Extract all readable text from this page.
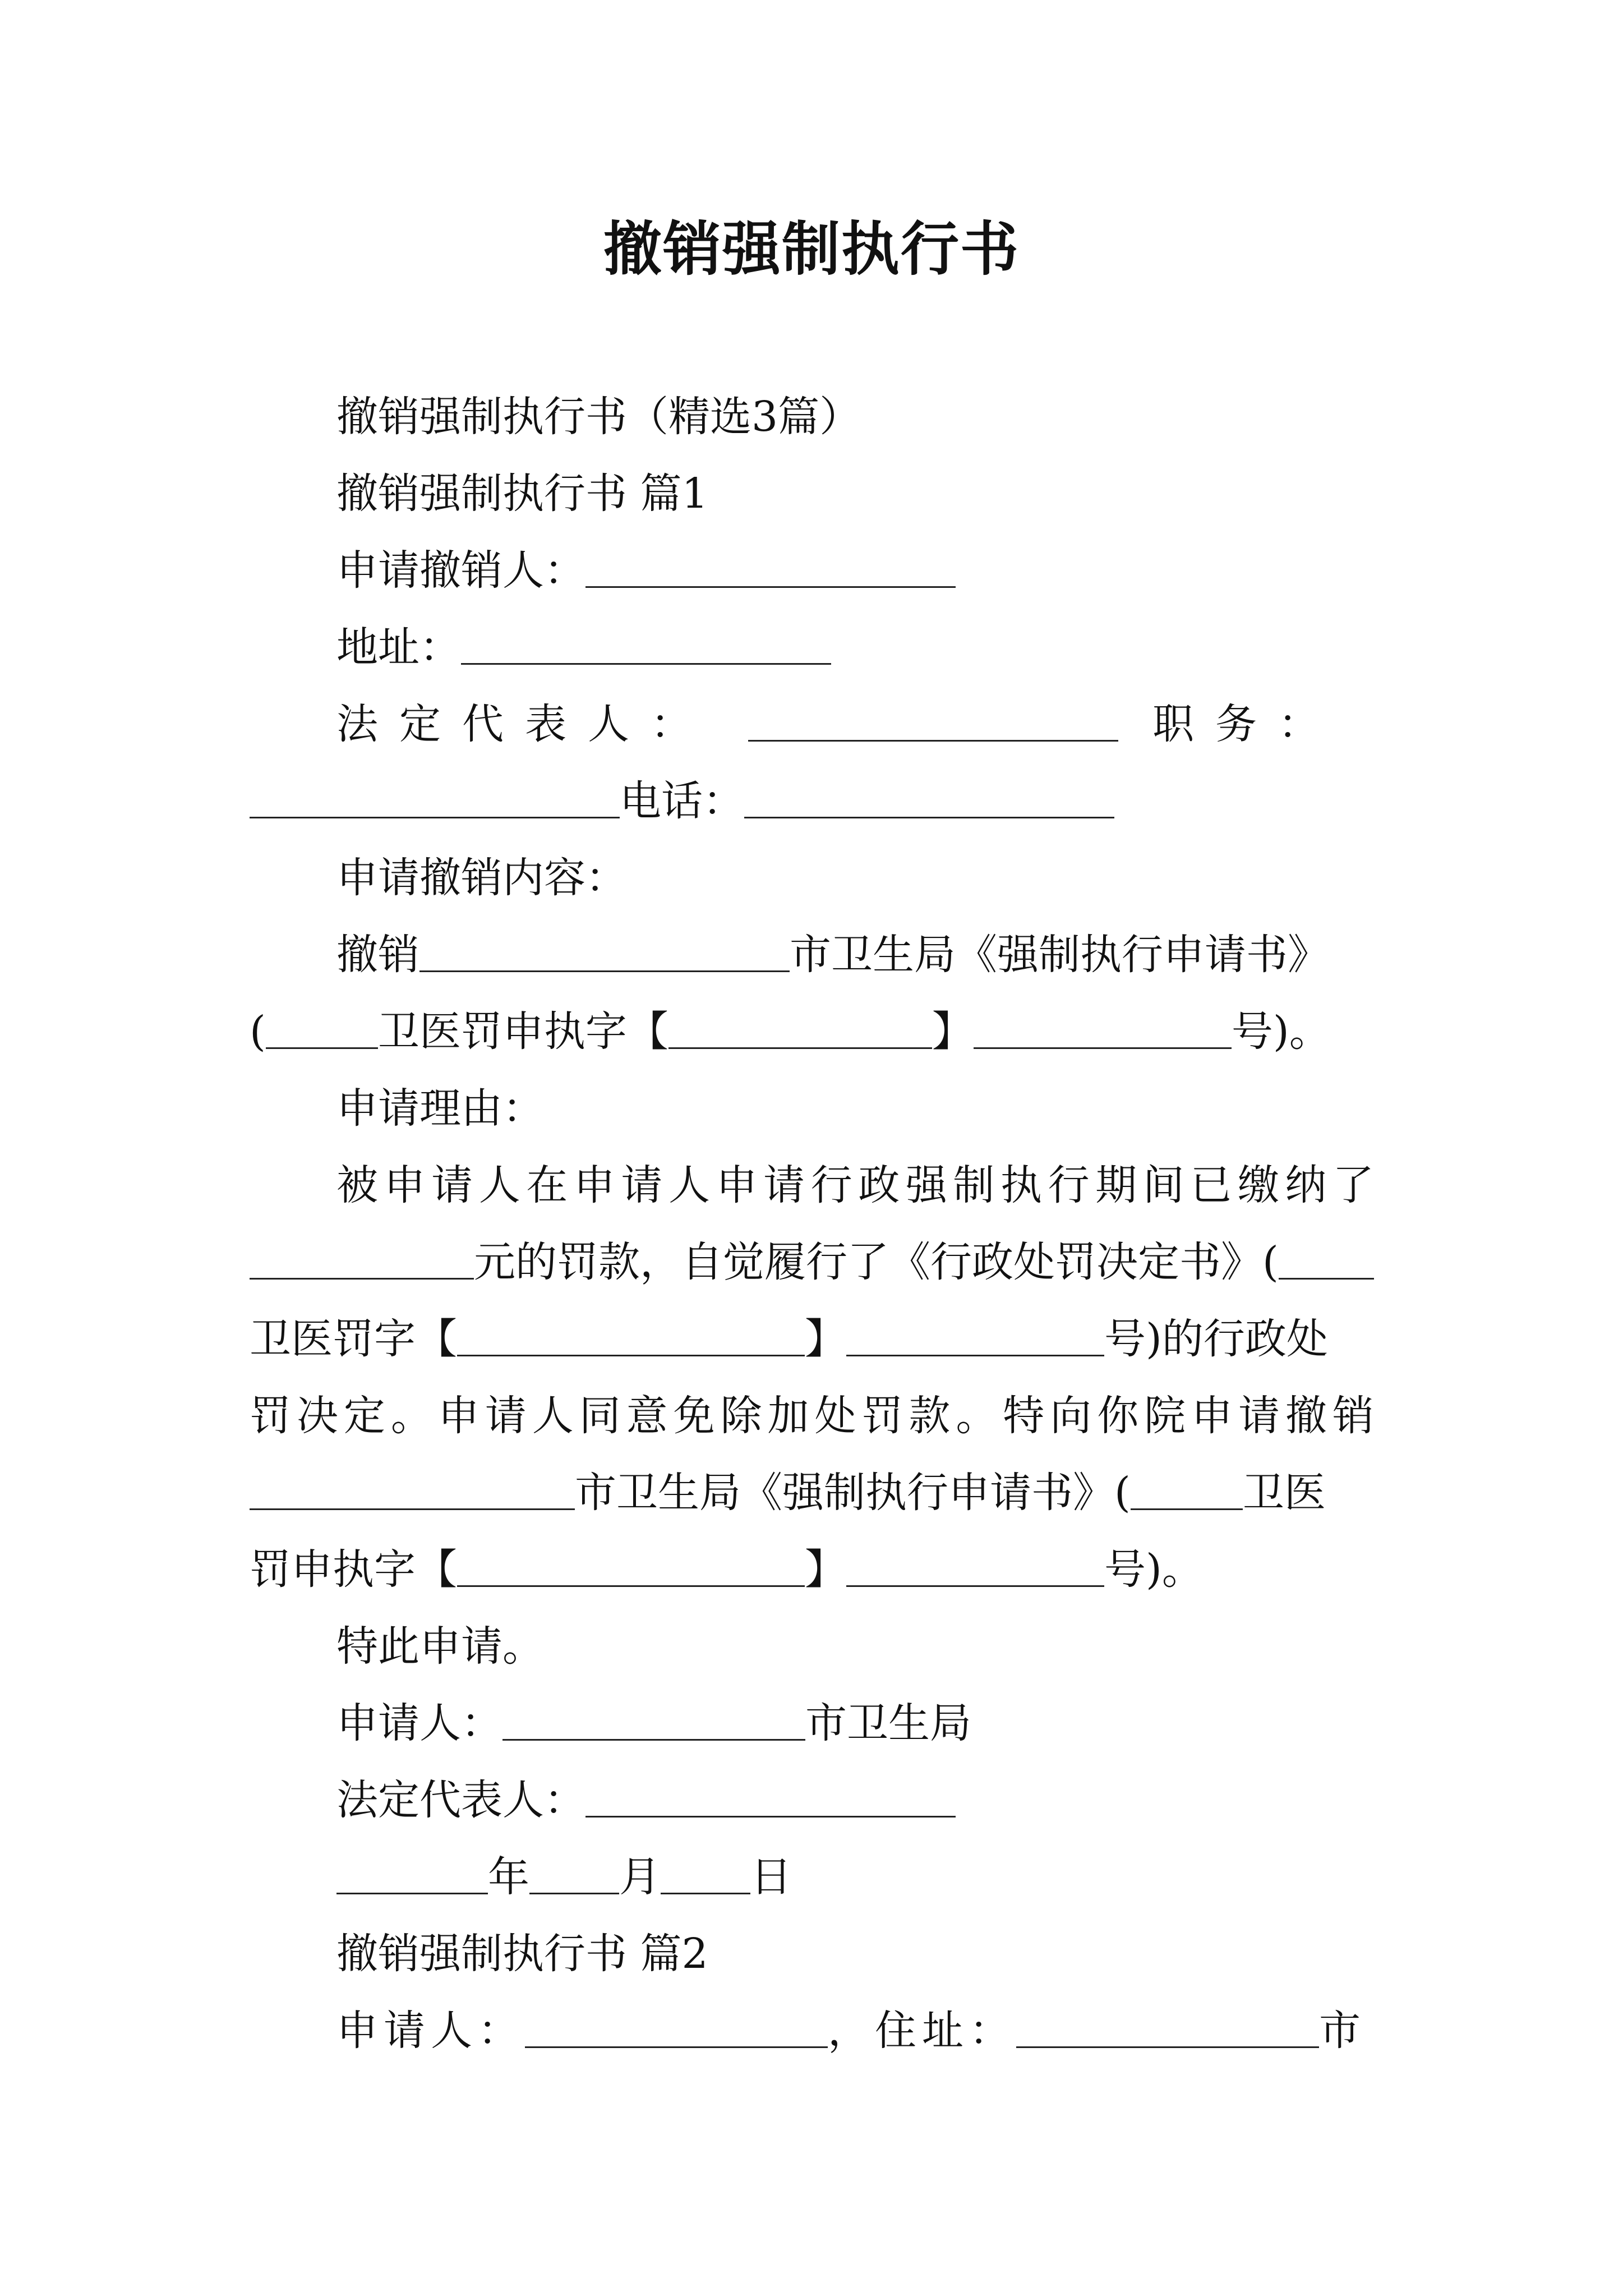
撤销强制执行书
撤销强制执行书（精选3篇）
撤销强制执行书 篇1
申请撤销人：
地址：
法定代表人：	职务：
电话：
申请撤销内容：
撤销	市卫生局《强制执行申请书》
(	卫医罚申执字【	】	号)。
申请理由：
被申请人在申请人申请行政强制执行期间已缴纳了
元的罚款，自觉履行了《行政处罚决定书》(
卫医罚字【	】	号)的行政处
罚决定。申请人同意免除加处罚款。特向你院申请撤销
市卫生局《强制执行申请书》(	卫医
罚申执字【	】	号)。
特此申请。
申请人：	市卫生局
法定代表人：
年 月 日
撤销强制执行书 篇2
申请人：	，住址：	市
